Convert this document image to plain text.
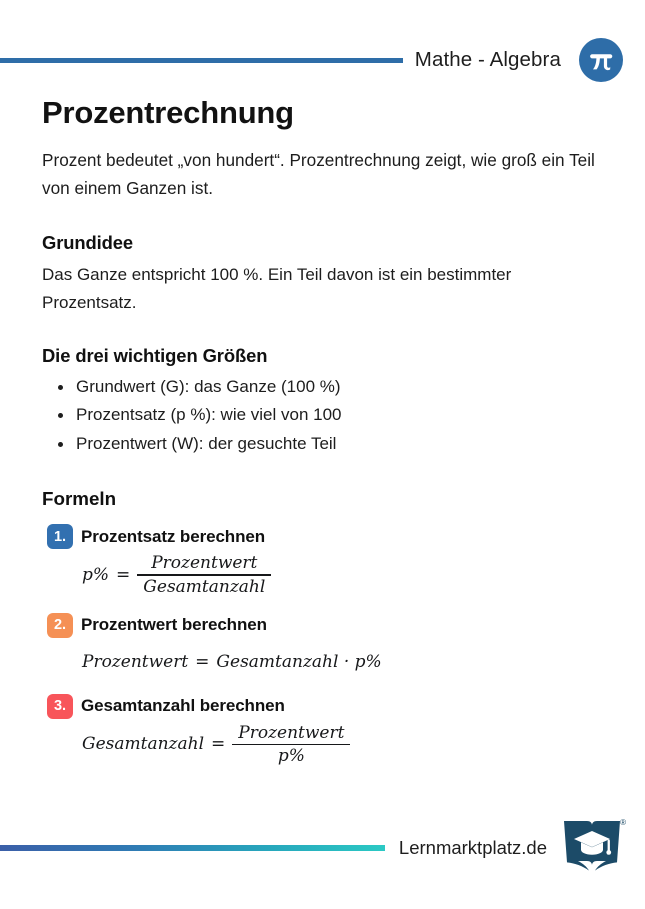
Mathe - Algebra
Prozentrechnung

Prozent bedeutet „von hundert“. Prozentrechnung zeigt, wie groß ein Teil von einem Ganzen ist.

Grundidee

Das Ganze entspricht 100 %. Ein Teil davon ist ein bestimmter Prozentsatz.

Die drei wichtigen Größen
Grundwert (G): das Ganze (100 %)
Prozentsatz (p %): wie viel von 100
Prozentwert (W): der gesuchte Teil
Formeln
1. Prozentsatz berechnen
$p\% = \frac{\text{Prozentwert}}{\text{Gesamtanzahl}}$
2. Prozentwert berechnen
Prozentwert = Gesamtanzahl · p%
3. Gesamtanzahl berechnen
Gesamtanzahl = $\frac{\text{Prozentwert}}{p\%}$
Lernmarktplatz.de
®
